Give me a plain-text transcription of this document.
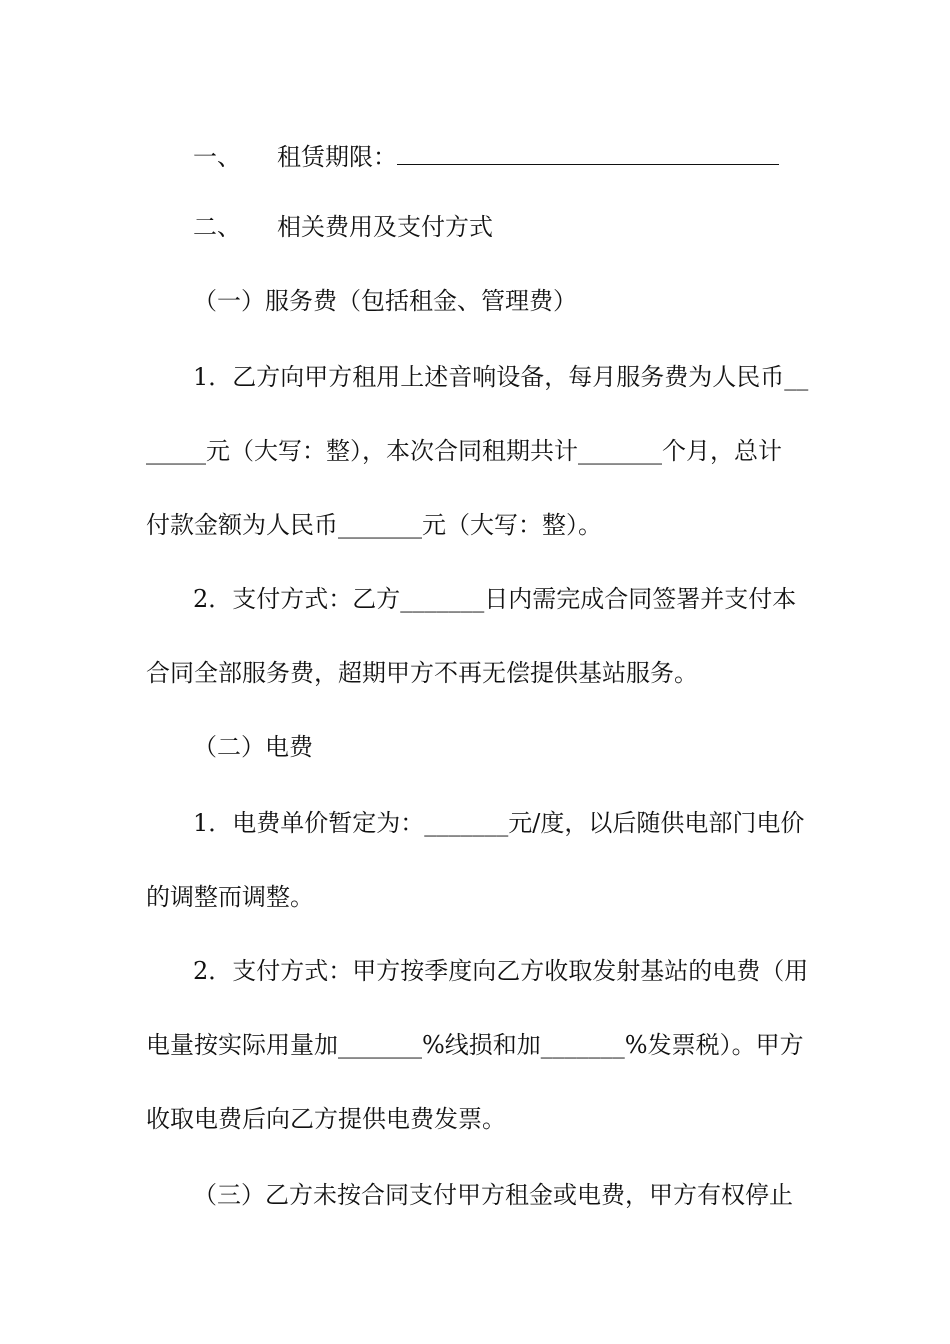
一、 租赁期限：
二、 相关费用及支付方式
（一）服务费（包括租金、管理费）
1．乙方向甲方租用上述音响设备，每月服务费为人民币__
_____元（大写：整），本次合同租期共计_______个月，总计
付款金额为人民币_______元（大写：整）。
2．支付方式：乙方_______日内需完成合同签署并支付本
合同全部服务费，超期甲方不再无偿提供基站服务。
（二）电费
1．电费单价暂定为：_______元/度，以后随供电部门电价
的调整而调整。
2．支付方式：甲方按季度向乙方收取发射基站的电费（用
电量按实际用量加_______%线损和加_______%发票税）。甲方
收取电费后向乙方提供电费发票。
（三）乙方未按合同支付甲方租金或电费，甲方有权停止
